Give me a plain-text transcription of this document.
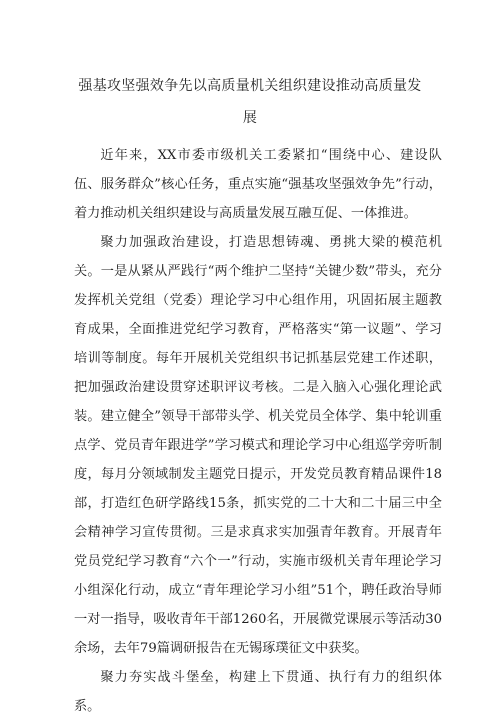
强基攻坚强效争先以高质量机关组织建设推动高质量发
展

近年来，XX市委市级机关工委紧扣“围绕中心、建设队伍、服务群众”核心任务，重点实施“强基攻坚强效争先”行动，着力推动机关组织建设与高质量发展互融互促、一体推进。

聚力加强政治建设，打造思想铸魂、勇挑大梁的模范机关。一是从紧从严践行“两个维护二坚持“关键少数”带头，充分发挥机关党组（党委）理论学习中心组作用，巩固拓展主题教育成果，全面推进党纪学习教育，严格落实“第一议题”、学习培训等制度。每年开展机关党组织书记抓基层党建工作述职，把加强政治建设贯穿述职评议考核。二是入脑入心强化理论武装。建立健全”领导干部带头学、机关党员全体学、集中轮训重点学、党员青年跟进学”学习模式和理论学习中心组巡学旁听制度，每月分领域制发主题党日提示，开发党员教育精品课件18部，打造红色研学路线15条，抓实党的二十大和二十届三中全会精神学习宣传贯彻。三是求真求实加强青年教育。开展青年党员党纪学习教育“六个一”行动，实施市级机关青年理论学习小组深化行动，成立“青年理论学习小组”51个，聘任政治导师一对一指导，吸收青年干部1260名，开展微党课展示等活动30余场，去年79篇调研报告在无锡琢璞征文中获奖。

聚力夯实战斗堡垒，构建上下贯通、执行有力的组织体系。
